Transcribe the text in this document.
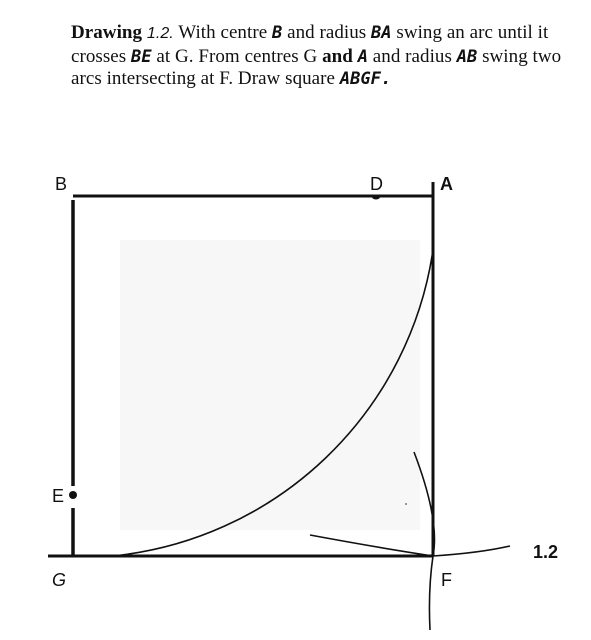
Drawing 1.2. With centre B and radius BA swing an arc until it crosses BE at G. From centres G and A and radius AB swing two arcs intersecting at F. Draw square ABGF.
B	D	A
E
G	F
1.2
